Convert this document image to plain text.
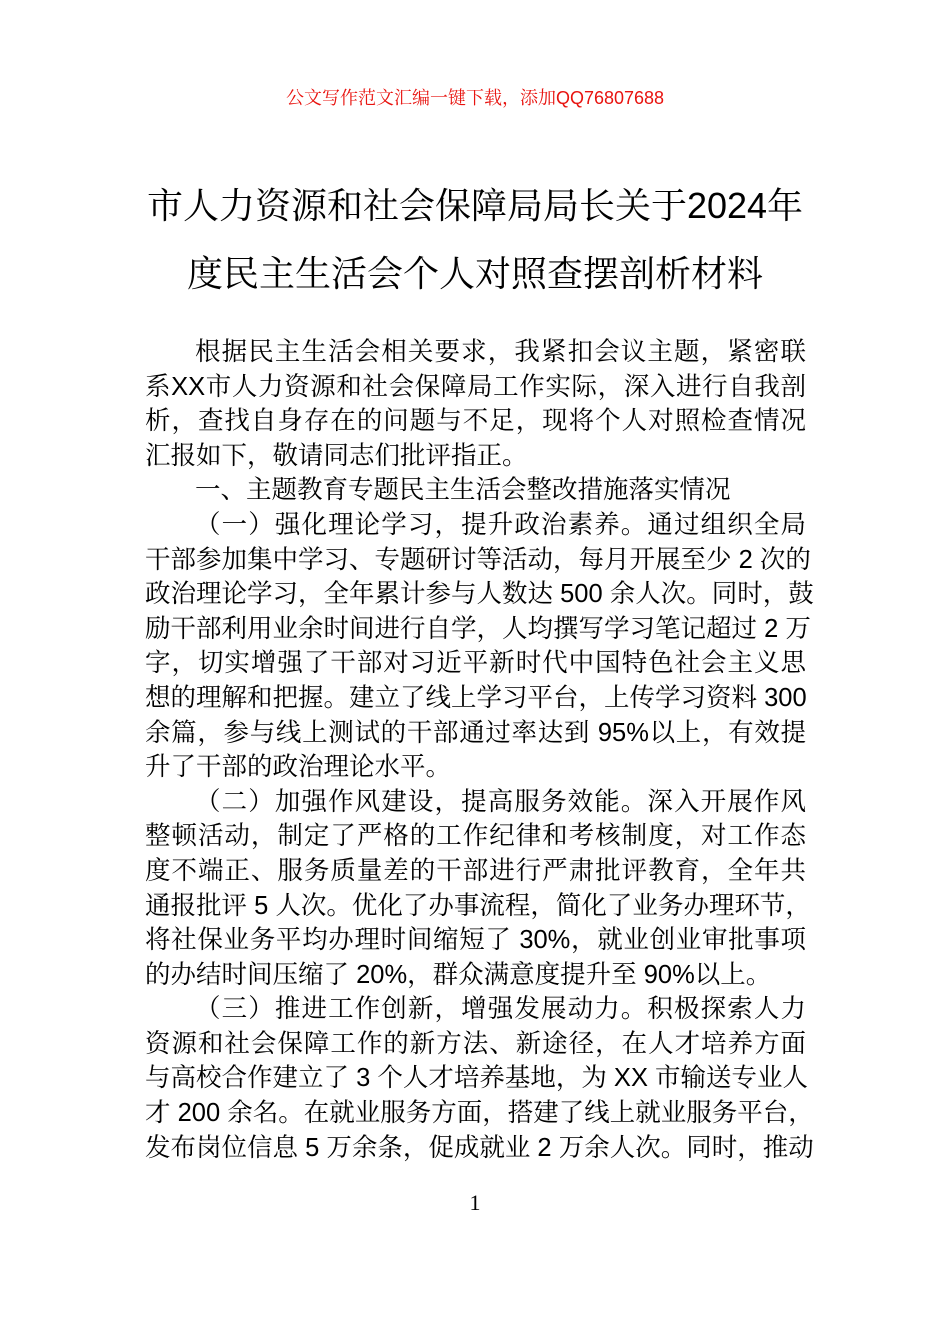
公文写作范文汇编一键下载，添加QQ76807688
市人力资源和社会保障局局长关于2024年
度民主生活会个人对照查摆剖析材料
根据民主生活会相关要求，我紧扣会议主题，紧密联
系XX市人力资源和社会保障局工作实际，深入进行自我剖
析，查找自身存在的问题与不足，现将个人对照检查情况
汇报如下，敬请同志们批评指正。
一、主题教育专题民主生活会整改措施落实情况
（一）强化理论学习，提升政治素养。通过组织全局
干部参加集中学习、专题研讨等活动，每月开展至少 2 次的
政治理论学习，全年累计参与人数达 500 余人次。同时，鼓
励干部利用业余时间进行自学，人均撰写学习笔记超过 2 万
字，切实增强了干部对习近平新时代中国特色社会主义思
想的理解和把握。建立了线上学习平台，上传学习资料 300
余篇，参与线上测试的干部通过率达到 95%以上，有效提
升了干部的政治理论水平。
（二）加强作风建设，提高服务效能。深入开展作风
整顿活动，制定了严格的工作纪律和考核制度，对工作态
度不端正、服务质量差的干部进行严肃批评教育，全年共
通报批评 5 人次。优化了办事流程，简化了业务办理环节，
将社保业务平均办理时间缩短了 30%，就业创业审批事项
的办结时间压缩了 20%，群众满意度提升至 90%以上。
（三）推进工作创新，增强发展动力。积极探索人力
资源和社会保障工作的新方法、新途径，在人才培养方面
与高校合作建立了 3 个人才培养基地，为 XX 市输送专业人
才 200 余名。在就业服务方面，搭建了线上就业服务平台，
发布岗位信息 5 万余条，促成就业 2 万余人次。同时，推动
1
